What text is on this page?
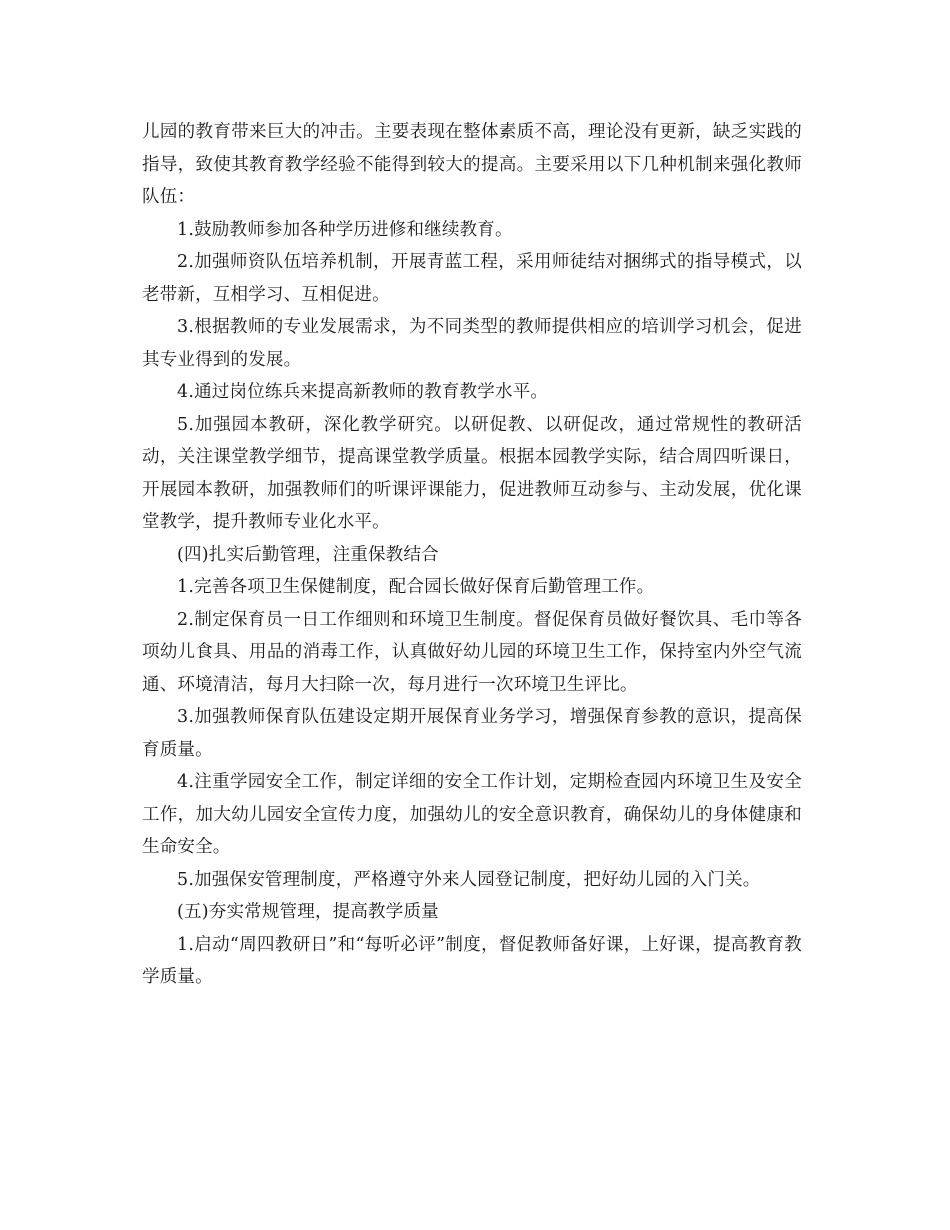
儿园的教育带来巨大的冲击。主要表现在整体素质不高，理论没有更新，缺乏实践的指导，致使其教育教学经验不能得到较大的提高。主要采用以下几种机制来强化教师队伍：

1.鼓励教师参加各种学历进修和继续教育。

2.加强师资队伍培养机制，开展青蓝工程，采用师徒结对捆绑式的指导模式，以老带新，互相学习、互相促进。

3.根据教师的专业发展需求，为不同类型的教师提供相应的培训学习机会，促进其专业得到的发展。

4.通过岗位练兵来提高新教师的教育教学水平。

5.加强园本教研，深化教学研究。以研促教、以研促改，通过常规性的教研活动，关注课堂教学细节，提高课堂教学质量。根据本园教学实际，结合周四听课日，开展园本教研，加强教师们的听课评课能力，促进教师互动参与、主动发展，优化课堂教学，提升教师专业化水平。

(四)扎实后勤管理，注重保教结合

1.完善各项卫生保健制度，配合园长做好保育后勤管理工作。

2.制定保育员一日工作细则和环境卫生制度。督促保育员做好餐饮具、毛巾等各项幼儿食具、用品的消毒工作，认真做好幼儿园的环境卫生工作，保持室内外空气流通、环境清洁，每月大扫除一次，每月进行一次环境卫生评比。

3.加强教师保育队伍建设定期开展保育业务学习，增强保育参教的意识，提高保育质量。

4.注重学园安全工作，制定详细的安全工作计划，定期检查园内环境卫生及安全工作，加大幼儿园安全宣传力度，加强幼儿的安全意识教育，确保幼儿的身体健康和生命安全。

5.加强保安管理制度，严格遵守外来人园登记制度，把好幼儿园的入门关。

(五)夯实常规管理，提高教学质量

1.启动“周四教研日”和“每听必评”制度，督促教师备好课，上好课，提高教育教学质量。
